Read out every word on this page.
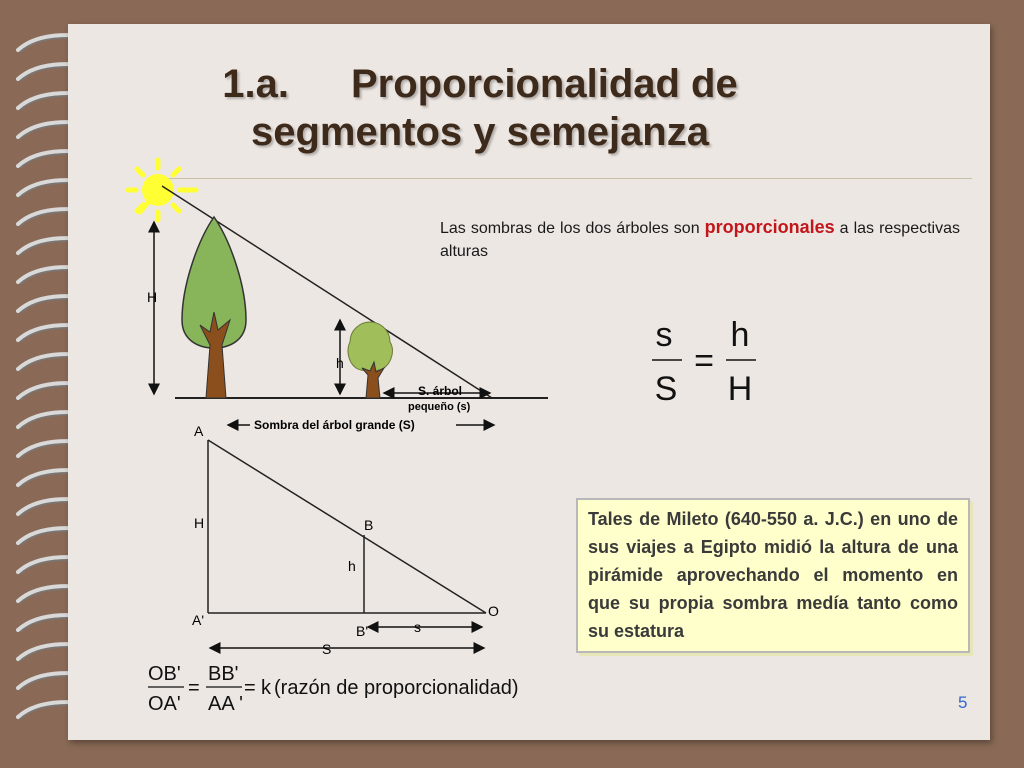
1.a. Proporcionalidad de
segmentos y semejanza
Las sombras de los dos árboles son proporcionales a las respectivas alturas
H
h
S. árbol
pequeño (s)
Sombra del árbol grande (S)
s
S
=
h
H
A
A'
B
B'
O
H
h
s
S
OB'
OA'
=
BB'
AA '
= k (razón de proporcionalidad)
Tales de Mileto (640-550 a. J.C.) en uno de sus viajes a Egipto midió la altura de una pirámide aprovechando el momento en que su propia sombra medía tanto como su estatura
5
